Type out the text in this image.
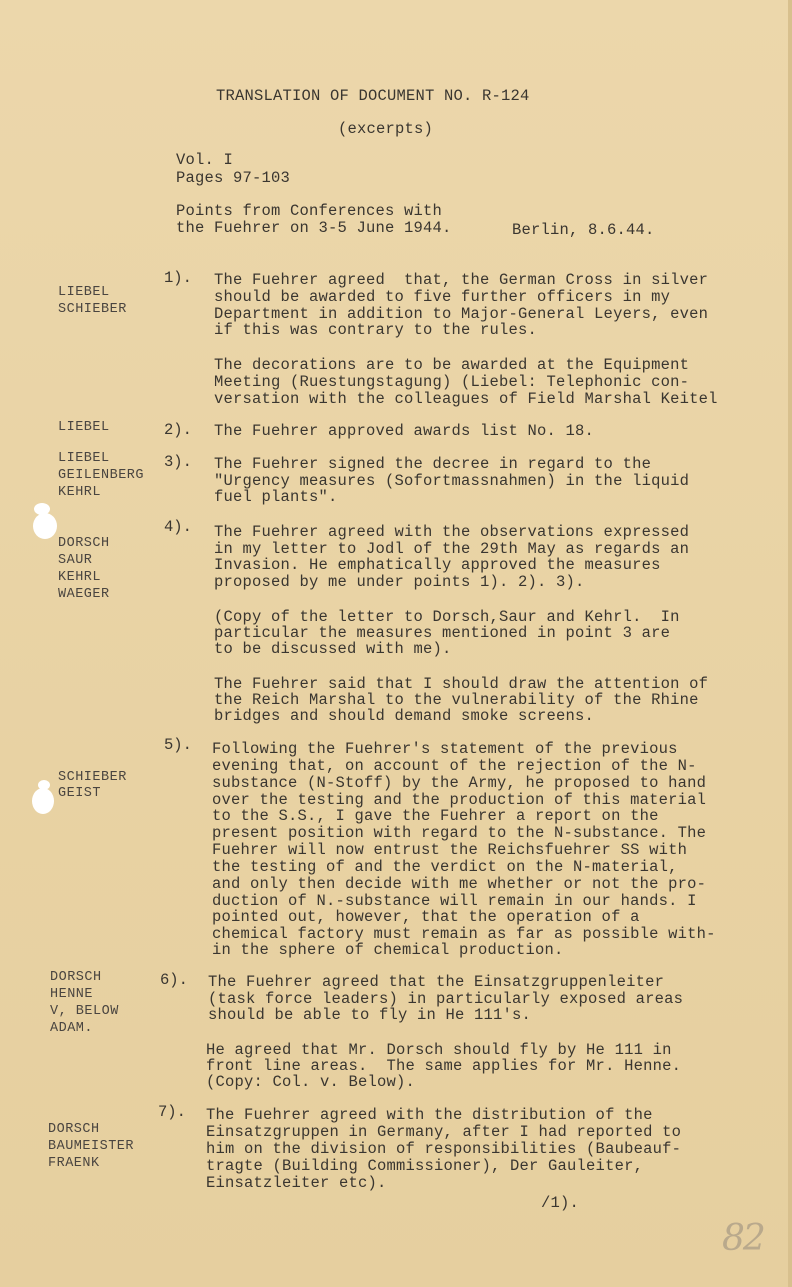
TRANSLATION OF DOCUMENT NO. R-124
(excerpts)
Vol. I
Pages 97-103
Points from Conferences with
the Fuehrer on 3-5 June 1944.	Berlin, 8.6.44.
LIEBEL
SCHIEBER
1). The Fuehrer agreed  that, the German Cross in silver
should be awarded to five further officers in my
Department in addition to Major-General Leyers, even
if this was contrary to the rules.
The decorations are to be awarded at the Equipment
Meeting (Ruestungstagung) (Liebel: Telephonic con-
versation with the colleagues of Field Marshal Keitel
LIEBEL	2). The Fuehrer approved awards list No. 18.
LIEBEL
GEILENBERG
KEHRL
3). The Fuehrer signed the decree in regard to the
"Urgency measures (Sofortmassnahmen) in the liquid
fuel plants".
DORSCH
SAUR
KEHRL
WAEGER
4). The Fuehrer agreed with the observations expressed
in my letter to Jodl of the 29th May as regards an
Invasion. He emphatically approved the measures
proposed by me under points 1). 2). 3).
(Copy of the letter to Dorsch,Saur and Kehrl.  In
particular the measures mentioned in point 3 are
to be discussed with me).
The Fuehrer said that I should draw the attention of
the Reich Marshal to the vulnerability of the Rhine
bridges and should demand smoke screens.
SCHIEBER
GEIST
5). Following the Fuehrer's statement of the previous
evening that, on account of the rejection of the N-
substance (N-Stoff) by the Army, he proposed to hand
over the testing and the production of this material
to the S.S., I gave the Fuehrer a report on the
present position with regard to the N-substance. The
Fuehrer will now entrust the Reichsfuehrer SS with
the testing of and the verdict on the N-material,
and only then decide with me whether or not the pro-
duction of N.-substance will remain in our hands. I
pointed out, however, that the operation of a
chemical factory must remain as far as possible with-
in the sphere of chemical production.
DORSCH
HENNE
V, BELOW
ADAM.
6). The Fuehrer agreed that the Einsatzgruppenleiter
(task force leaders) in particularly exposed areas
should be able to fly in He 111's.
He agreed that Mr. Dorsch should fly by He 111 in
front line areas.  The same applies for Mr. Henne.
(Copy: Col. v. Below).
DORSCH
BAUMEISTER
FRAENK
7). The Fuehrer agreed with the distribution of the
Einsatzgruppen in Germany, after I had reported to
him on the division of responsibilities (Baubeauf-
tragte (Building Commissioner), Der Gauleiter,
Einsatzleiter etc).
/1).
82
